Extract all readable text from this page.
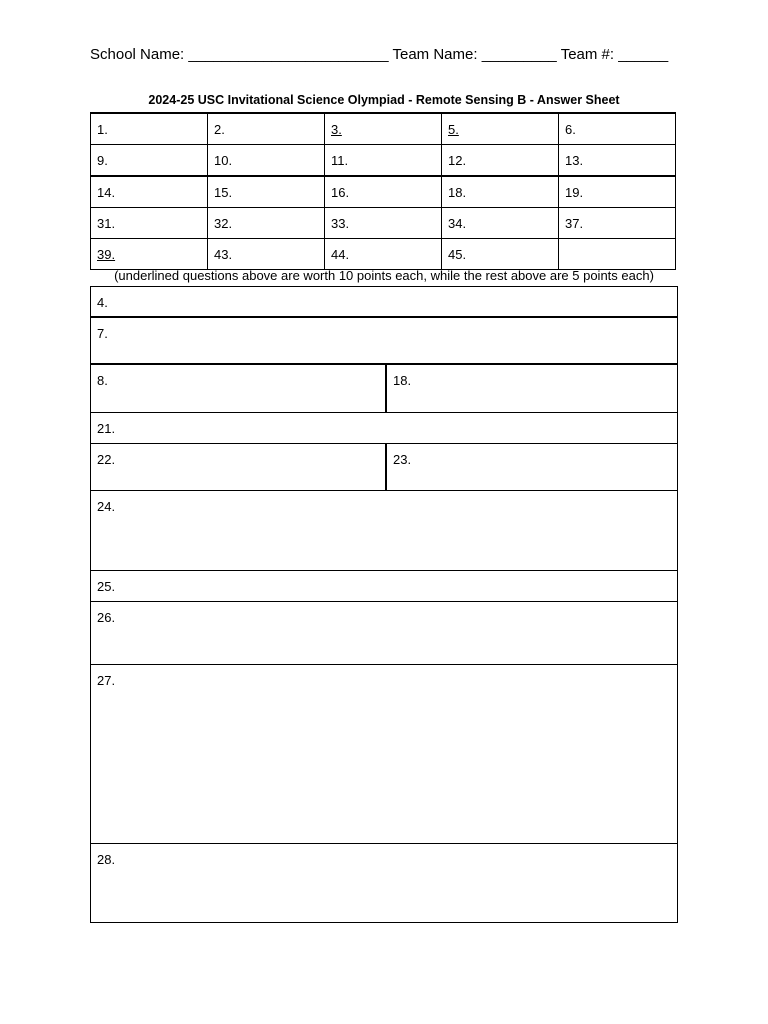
School Name: ________________________ Team Name: _________ Team #: ______
2024-25 USC Invitational Science Olympiad - Remote Sensing B - Answer Sheet
1.	2.	3.	5.	6.
9.	10.	11.	12.	13.
14.	15.	16.	18.	19.
31.	32.	33.	34.	37.
39.	43.	44.	45.	
(underlined questions above are worth 10 points each, while the rest above are 5 points each)
4.
7.
8.	18.
21.
22.	23.
24.
25.
26.
27.
28.
